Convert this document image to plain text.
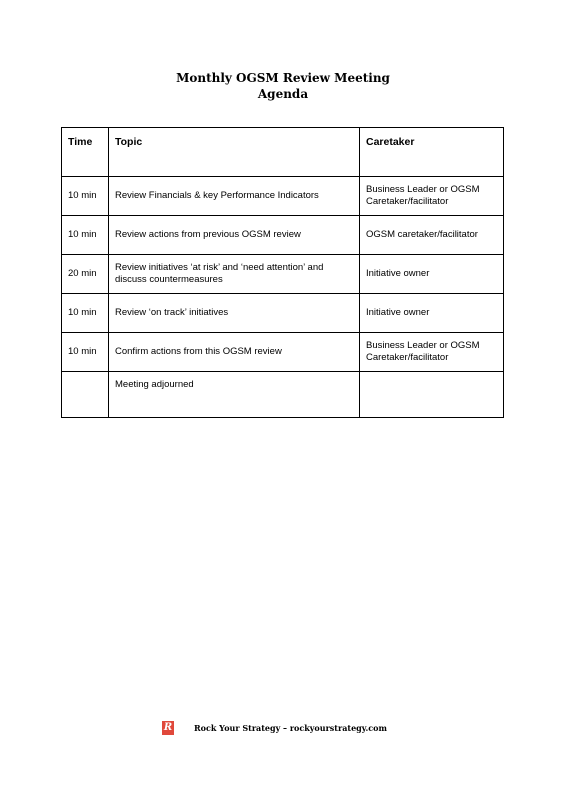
Monthly OGSM Review Meeting
Agenda
Time	Topic	Caretaker
10 min	Review Financials & key Performance Indicators	Business Leader or OGSM Caretaker/facilitator
10 min	Review actions from previous OGSM review	OGSM caretaker/facilitator
20 min	Review initiatives ‘at risk’ and ‘need attention’ and discuss countermeasures	Initiative owner
10 min	Review ‘on track’ initiatives	Initiative owner
10 min	Confirm actions from this OGSM review	Business Leader or OGSM Caretaker/facilitator
	Meeting adjourned	
R	Rock Your Strategy – rockyourstrategy.com
